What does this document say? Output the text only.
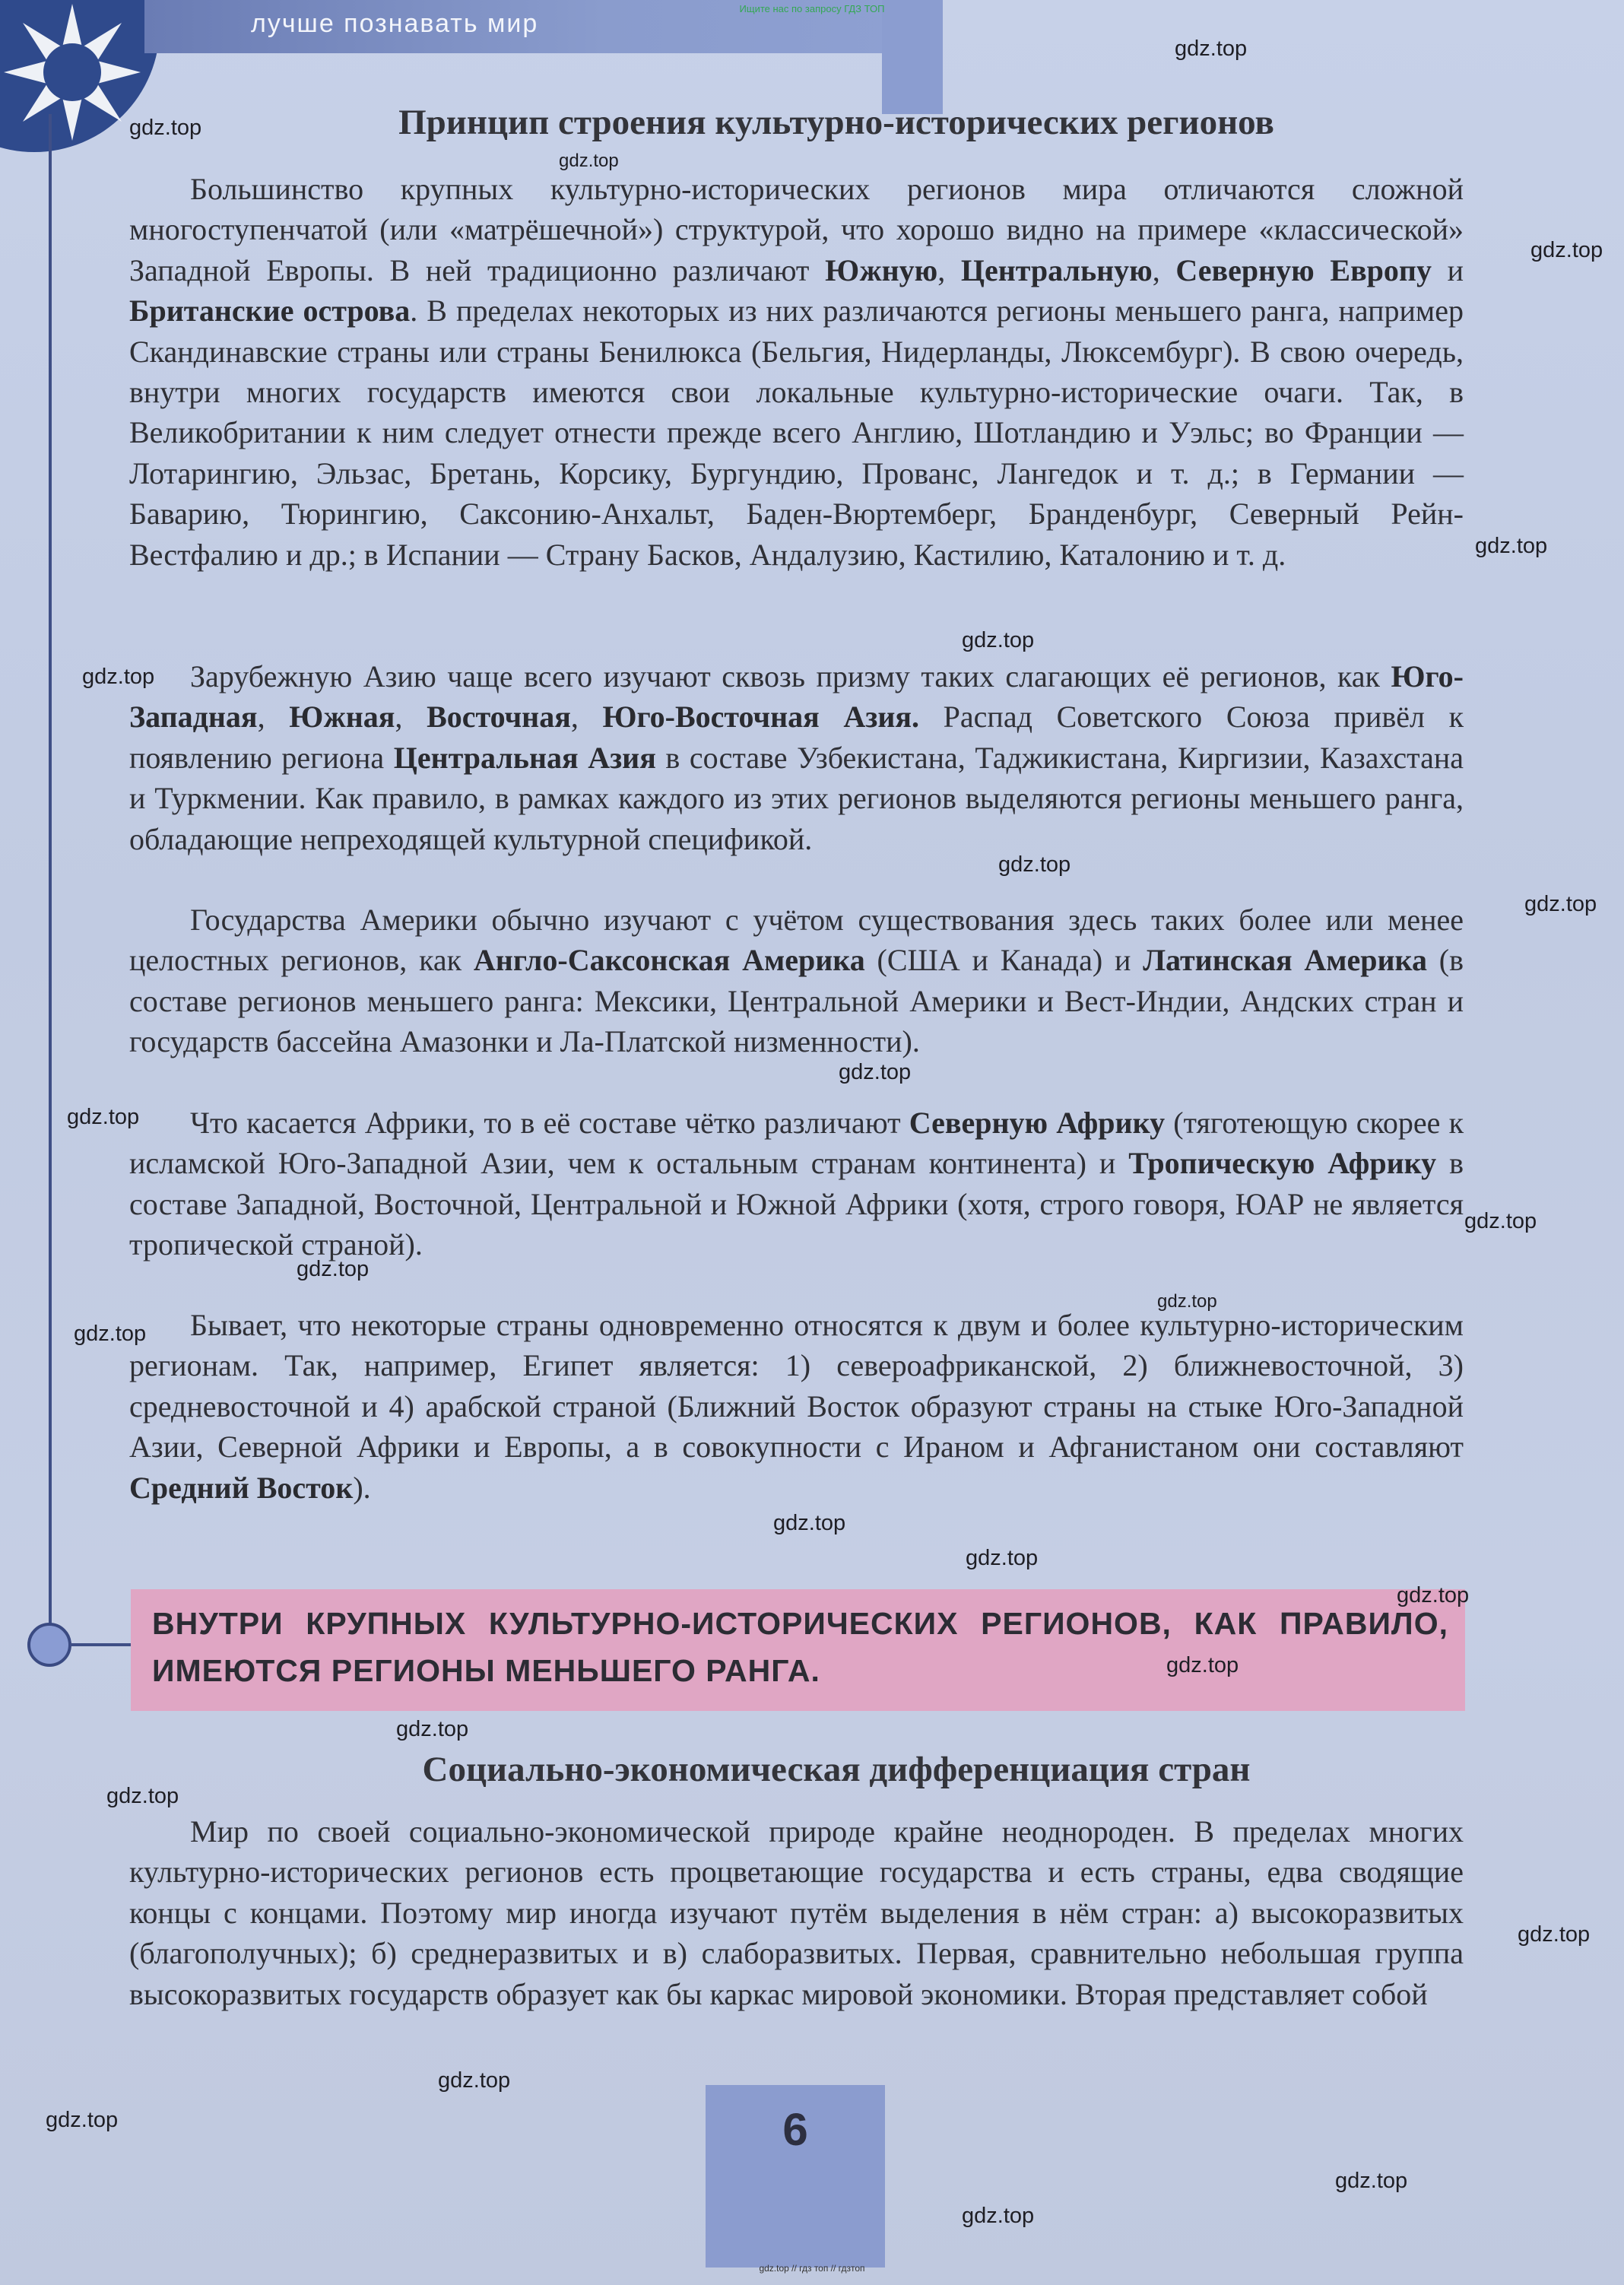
лучше познавать мир
Ищите нас по запросу ГДЗ ТОП
Принцип строения культурно-исторических регионов

Большинство крупных культурно-исторических регионов мира отличаются сложной многоступенчатой (или «матрёшечной») структурой, что хорошо видно на примере «классической» Западной Европы. В ней традиционно различают Южную, Центральную, Северную Европу и Британские острова. В пределах некоторых из них различаются регионы меньшего ранга, например Скандинавские страны или страны Бенилюкса (Бельгия, Нидерланды, Люксембург). В свою очередь, внутри многих государств имеются свои локальные культурно-исторические очаги. Так, в Великобритании к ним следует отнести прежде всего Англию, Шотландию и Уэльс; во Франции — Лотарингию, Эльзас, Бретань, Корсику, Бургундию, Прованс, Лангедок и т. д.; в Германии — Баварию, Тюрингию, Саксонию-Анхальт, Баден-Вюртемберг, Бранденбург, Северный Рейн-Вестфалию и др.; в Испании — Страну Басков, Андалузию, Кастилию, Каталонию и т. д.

Зарубежную Азию чаще всего изучают сквозь призму таких слагающих её регионов, как Юго-Западная, Южная, Восточная, Юго-Восточная Азия. Распад Советского Союза привёл к появлению региона Центральная Азия в составе Узбекистана, Таджикистана, Киргизии, Казахстана и Туркмении. Как правило, в рамках каждого из этих регионов выделяются регионы меньшего ранга, обладающие непреходящей культурной спецификой.

Государства Америки обычно изучают с учётом существования здесь таких более или менее целостных регионов, как Англо-Саксонская Америка (США и Канада) и Латинская Америка (в составе регионов меньшего ранга: Мексики, Центральной Америки и Вест-Индии, Андских стран и государств бассейна Амазонки и Ла-Платской низменности).

Что касается Африки, то в её составе чётко различают Северную Африку (тяготеющую скорее к исламской Юго-Западной Азии, чем к остальным странам континента) и Тропическую Африку в составе Западной, Восточной, Центральной и Южной Африки (хотя, строго говоря, ЮАР не является тропической страной).

Бывает, что некоторые страны одновременно относятся к двум и более культурно-историческим регионам. Так, например, Египет является: 1) североафриканской, 2) ближневосточной, 3) средневосточной и 4) арабской страной (Ближний Восток образуют страны на стыке Юго-Западной Азии, Северной Африки и Европы, а в совокупности с Ираном и Афганистаном они составляют Средний Восток).

ВНУТРИ КРУПНЫХ КУЛЬТУРНО-ИСТОРИЧЕСКИХ РЕГИОНОВ, КАК ПРАВИЛО, ИМЕЮТСЯ РЕГИОНЫ МЕНЬШЕГО РАНГА.

Социально-экономическая дифференциация стран

Мир по своей социально-экономической природе крайне неоднороден. В пределах многих культурно-исторических регионов есть процветающие государства и есть страны, едва сводящие концы с концами. Поэтому мир иногда изучают путём выделения в нём стран: а) высокоразвитых (благополучных); б) среднеразвитых и в) слаборазвитых. Первая, сравнительно небольшая группа высокоразвитых государств образует как бы каркас мировой экономики. Вторая представляет собой

6
gdz.top
gdz.top
gdz.top
gdz.top
gdz.top
gdz.top
gdz.top
gdz.top
gdz.top
gdz.top
gdz.top
gdz.top
gdz.top
gdz.top
gdz.top
gdz.top
gdz.top
gdz.top
gdz.top
gdz.top
gdz.top
gdz.top
gdz.top
gdz.top
gdz.top
gdz.top
gdz.top // гдз топ // гдзтоп
